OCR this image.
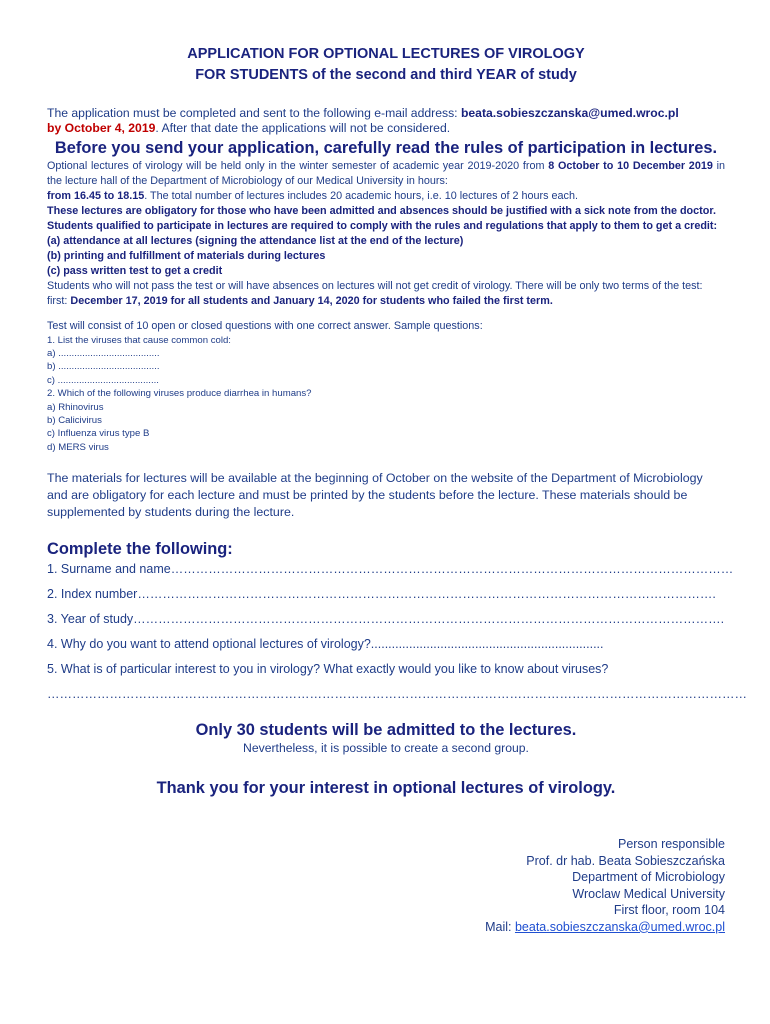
APPLICATION FOR OPTIONAL LECTURES OF VIROLOGY
FOR STUDENTS of the second and third YEAR of study

The application must be completed and sent to the following e-mail address: beata.sobieszczanska@umed.wroc.pl
by October 4, 2019. After that date the applications will not be considered.

Before you send your application, carefully read the rules of participation in lectures.
Optional lectures of virology will be held only in the winter semester of academic year 2019-2020 from 8 October to 10 December 2019 in the lecture hall of the Department of Microbiology of our Medical University in hours:
from 16.45 to 18.15. The total number of lectures includes 20 academic hours, i.e. 10 lectures of 2 hours each.
These lectures are obligatory for those who have been admitted and absences should be justified with a sick note from the doctor.
Students qualified to participate in lectures are required to comply with the rules and regulations that apply to them to get a credit:
(a) attendance at all lectures (signing the attendance list at the end of the lecture)
(b) printing and fulfillment of materials during lectures
(c) pass written test to get a credit
Students who will not pass the test or will have absences on lectures will not get credit of virology. There will be only two terms of the test:
first: December 17, 2019 for all students and January 14, 2020 for students who failed the first term.
Test will consist of 10 open or closed questions with one correct answer. Sample questions:
1. List the viruses that cause common cold:
a) ......................................
b) ......................................
c) ......................................
2. Which of the following viruses produce diarrhea in humans?
a) Rhinovirus
b) Calicivirus
c) Influenza virus type B
d) MERS virus

The materials for lectures will be available at the beginning of October on the website of the Department of Microbiology and are obligatory for each lecture and must be printed by the students before the lecture. These materials should be supplemented by students during the lecture.

Complete the following:
1. Surname and name………………………………………………………………………………………………………………………
2. Index number………………………………………………………………………………………………………………………….
3. Year of study…………………………………………………………………………………………………………………………….
4. Why do you want to attend optional lectures of virology?...................................................................
5. What is of particular interest to you in virology? What exactly would you like to know about viruses?
……………………………………………………………………………………………………………………………………………………
Only 30 students will be admitted to the lectures.
Nevertheless, it is possible to create a second group.
Thank you for your interest in optional lectures of virology.
Person responsible
Prof. dr hab. Beata Sobieszczańska
Department of Microbiology
Wroclaw Medical University
First floor, room 104
Mail: beata.sobieszczanska@umed.wroc.pl
